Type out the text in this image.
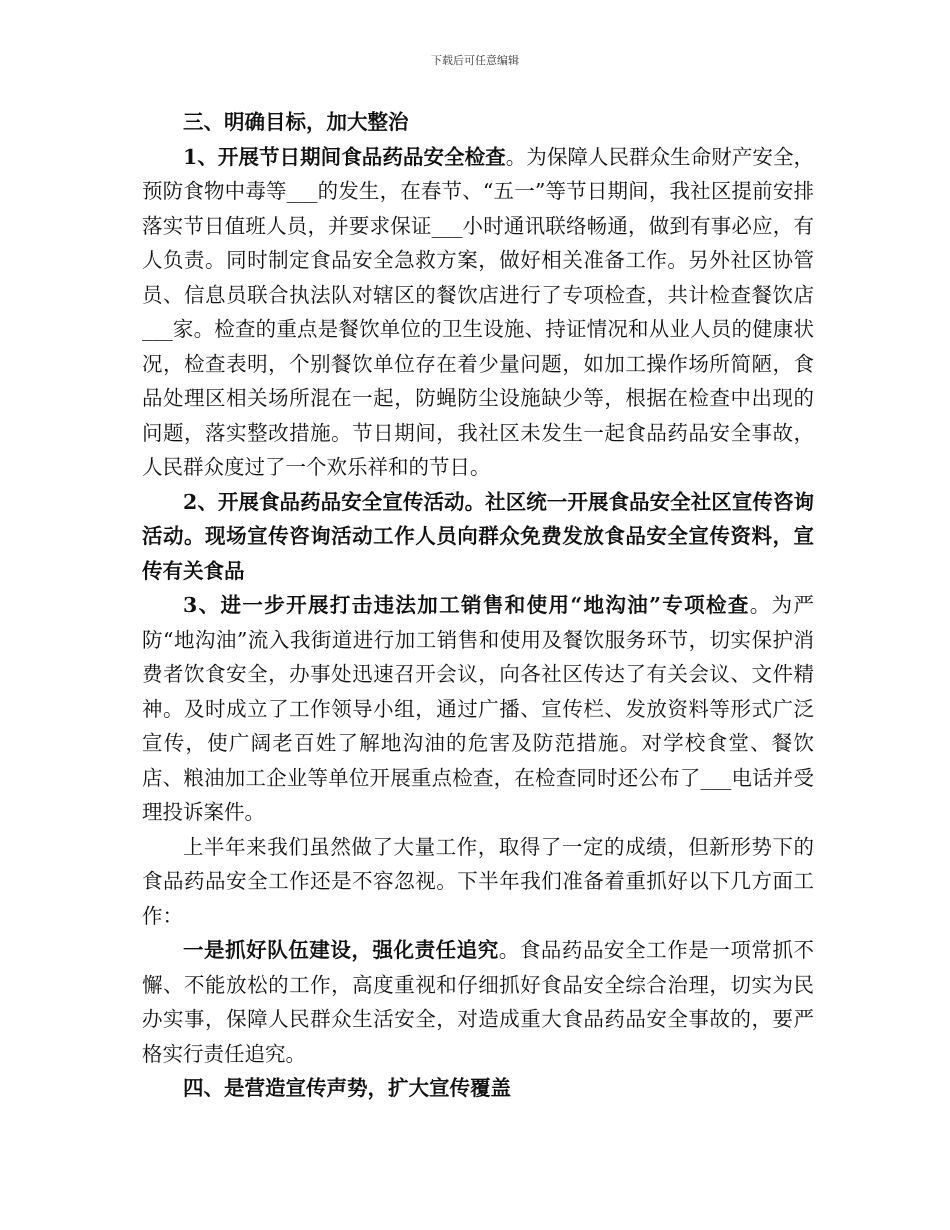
下载后可任意编辑

三、明确目标，加大整治

1、开展节日期间食品药品安全检查。为保障人民群众生命财产安全，预防食物中毒等___的发生，在春节、“五一”等节日期间，我社区提前安排落实节日值班人员，并要求保证___小时通讯联络畅通，做到有事必应，有人负责。同时制定食品安全急救方案，做好相关准备工作。另外社区协管员、信息员联合执法队对辖区的餐饮店进行了专项检查，共计检查餐饮店___家。检查的重点是餐饮单位的卫生设施、持证情况和从业人员的健康状况，检查表明，个别餐饮单位存在着少量问题，如加工操作场所简陋，食品处理区相关场所混在一起，防蝇防尘设施缺少等，根据在检查中出现的问题，落实整改措施。节日期间，我社区未发生一起食品药品安全事故，人民群众度过了一个欢乐祥和的节日。

2、开展食品药品安全宣传活动。社区统一开展食品安全社区宣传咨询活动。现场宣传咨询活动工作人员向群众免费发放食品安全宣传资料，宣传有关食品

3、进一步开展打击违法加工销售和使用“地沟油”专项检查。为严防“地沟油”流入我街道进行加工销售和使用及餐饮服务环节，切实保护消费者饮食安全，办事处迅速召开会议，向各社区传达了有关会议、文件精神。及时成立了工作领导小组，通过广播、宣传栏、发放资料等形式广泛宣传，使广阔老百姓了解地沟油的危害及防范措施。对学校食堂、餐饮店、粮油加工企业等单位开展重点检查，在检查同时还公布了___电话并受理投诉案件。

上半年来我们虽然做了大量工作，取得了一定的成绩，但新形势下的食品药品安全工作还是不容忽视。下半年我们准备着重抓好以下几方面工作：

一是抓好队伍建设，强化责任追究。食品药品安全工作是一项常抓不懈、不能放松的工作，高度重视和仔细抓好食品安全综合治理，切实为民办实事，保障人民群众生活安全，对造成重大食品药品安全事故的，要严格实行责任追究。

四、是营造宣传声势，扩大宣传覆盖
